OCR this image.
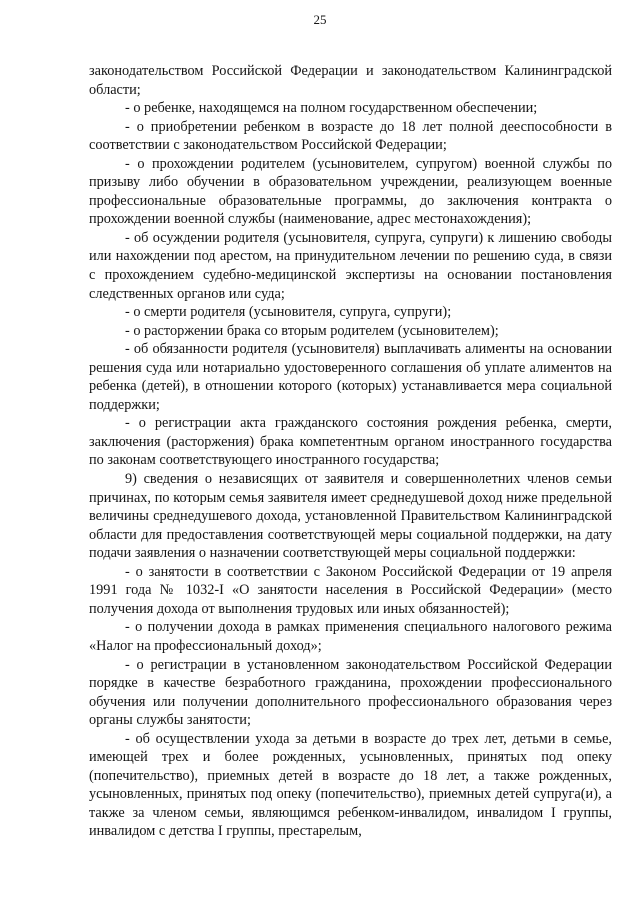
25

законодательством Российской Федерации и законодательством Калининградской области;

- о ребенке, находящемся на полном государственном обеспечении;

- о приобретении ребенком в возрасте до 18 лет полной дееспособности в соответствии с законодательством Российской Федерации;

- о прохождении родителем (усыновителем, супругом) военной службы по призыву либо обучении в образовательном учреждении, реализующем военные профессиональные образовательные программы, до заключения контракта о прохождении военной службы (наименование, адрес местонахождения);

- об осуждении родителя (усыновителя, супруга, супруги) к лишению свободы или нахождении под арестом, на принудительном лечении по решению суда, в связи с прохождением судебно-медицинской экспертизы на основании постановления следственных органов или суда;

- о смерти родителя (усыновителя, супруга, супруги);

- о расторжении брака со вторым родителем (усыновителем);

- об обязанности родителя (усыновителя) выплачивать алименты на основании решения суда или нотариально удостоверенного соглашения об уплате алиментов на ребенка (детей), в отношении которого (которых) устанавливается мера социальной поддержки;

- о регистрации акта гражданского состояния рождения ребенка, смерти, заключения (расторжения) брака компетентным органом иностранного государства по законам соответствующего иностранного государства;

9) сведения о независящих от заявителя и совершеннолетних членов семьи причинах, по которым семья заявителя имеет среднедушевой доход ниже предельной величины среднедушевого дохода, установленной Правительством Калининградской области для предоставления соответствующей меры социальной поддержки, на дату подачи заявления о назначении соответствующей меры социальной поддержки:

- о занятости в соответствии с Законом Российской Федерации от 19 апреля 1991 года № 1032-I «О занятости населения в Российской Федерации» (место получения дохода от выполнения трудовых или иных обязанностей);

- о получении дохода в рамках применения специального налогового режима «Налог на профессиональный доход»;

- о регистрации в установленном законодательством Российской Федерации порядке в качестве безработного гражданина, прохождении профессионального обучения или получении дополнительного профессионального образования через органы службы занятости;

- об осуществлении ухода за детьми в возрасте до трех лет, детьми в семье, имеющей трех и более рожденных, усыновленных, принятых под опеку (попечительство), приемных детей в возрасте до 18 лет, а также рожденных, усыновленных, принятых под опеку (попечительство), приемных детей супруга(и), а также за членом семьи, являющимся ребенком-инвалидом, инвалидом I группы, инвалидом с детства I группы, престарелым,
